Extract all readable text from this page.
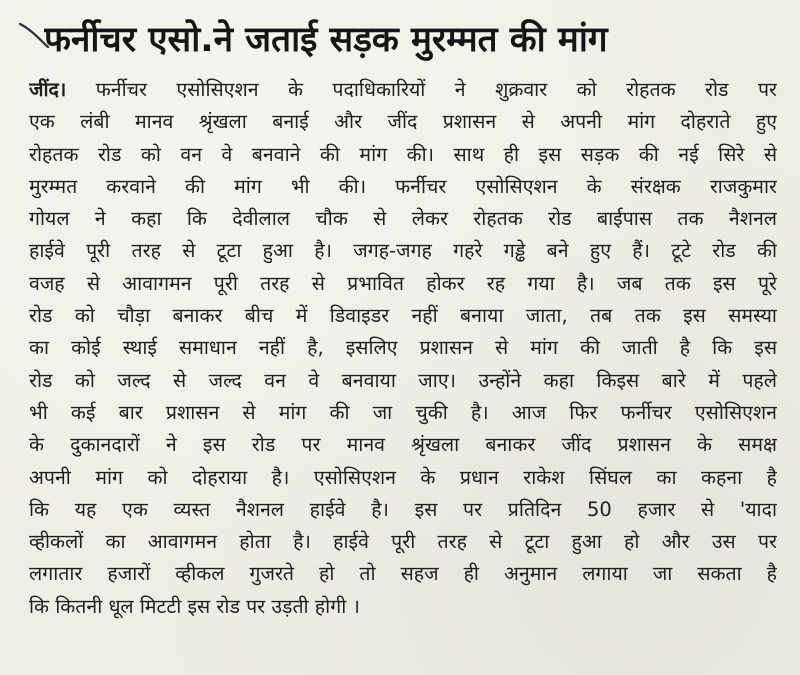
फर्नीचर एसो.ने जताई सड़क मुरम्मत की मांग
जींद। फर्नीचर एसोसिएशन के पदाधिकारियों ने शुक्रवार को रोहतक रोड पर
एक लंबी मानव श्रृंखला बनाई और जींद प्रशासन से अपनी मांग दोहराते हुए
रोहतक रोड को वन वे बनवाने की मांग की। साथ ही इस सड़क की नई सिरे से
मुरम्मत करवाने की मांग भी की। फर्नीचर एसोसिएशन के संरक्षक राजकुमार
गोयल ने कहा कि देवीलाल चौक से लेकर रोहतक रोड बाईपास तक नैशनल
हाईवे पूरी तरह से टूटा हुआ है। जगह-जगह गहरे गड्ढे बने हुए हैं। टूटे रोड की
वजह से आवागमन पूरी तरह से प्रभावित होकर रह गया है। जब तक इस पूरे
रोड को चौड़ा बनाकर बीच में डिवाइडर नहीं बनाया जाता, तब तक इस समस्या
का कोई स्थाई समाधान नहीं है, इसलिए प्रशासन से मांग की जाती है कि इस
रोड को जल्द से जल्द वन वे बनवाया जाए। उन्होंने कहा किइस बारे में पहले
भी कई बार प्रशासन से मांग की जा चुकी है। आज फिर फर्नीचर एसोसिएशन
के दुकानदारों ने इस रोड पर मानव श्रृंखला बनाकर जींद प्रशासन के समक्ष
अपनी मांग को दोहराया है। एसोसिएशन के प्रधान राकेश सिंघल का कहना है
कि यह एक व्यस्त नैशनल हाईवे है। इस पर प्रतिदिन 50 हजार से 'यादा
व्हीकलों का आवागमन होता है। हाईवे पूरी तरह से टूटा हुआ हो और उस पर
लगातार हजारों व्हीकल गुजरते हो तो सहज ही अनुमान लगाया जा सकता है
कि कितनी धूल मिटटी इस रोड पर उड़ती होगी ।
